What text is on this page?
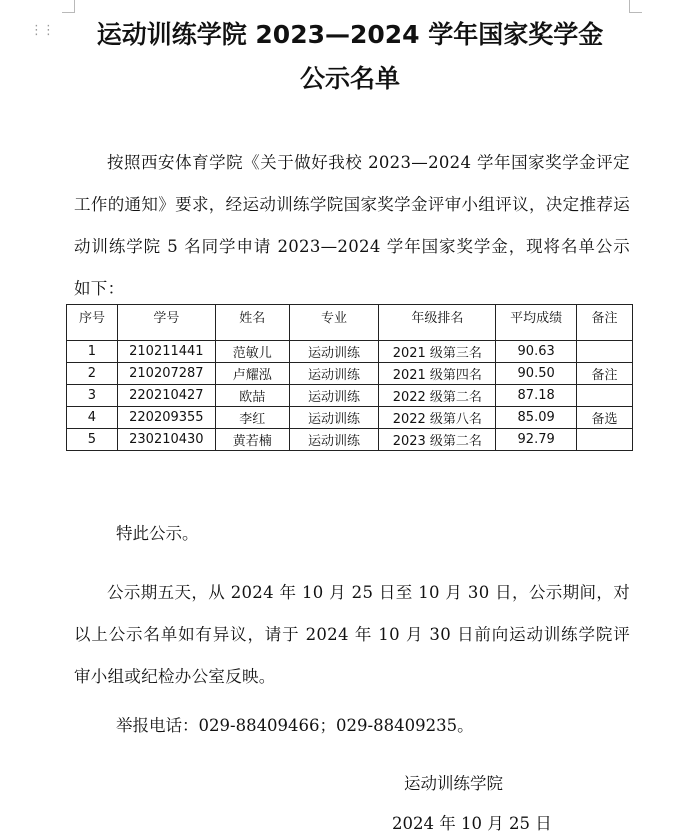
⋮⋮	运动训练学院 2023—2024 学年国家奖学金
公示名单

按照西安体育学院《关于做好我校 2023—2024 学年国家奖学金评定工作的通知》要求，经运动训练学院国家奖学金评审小组评议，决定推荐运动训练学院 5 名同学申请 2023—2024 学年国家奖学金，现将名单公示如下：

序号	学号	姓名	专业	年级排名	平均成绩	备注
1	210211441	范敏儿	运动训练	2021 级第三名	90.63	
2	210207287	卢耀泓	运动训练	2021 级第四名	90.50	备注
3	220210427	欧喆	运动训练	2022 级第二名	87.18	
4	220209355	李红	运动训练	2022 级第八名	85.09	备选
5	230210430	黄若楠	运动训练	2023 级第二名	92.79	
特此公示。

公示期五天，从 2024 年 10 月 25 日至 10 月 30 日，公示期间，对以上公示名单如有异议，请于 2024 年 10 月 30 日前向运动训练学院评审小组或纪检办公室反映。

举报电话：029-88409466；029-88409235。
运动训练学院
2024 年 10 月 25 日
